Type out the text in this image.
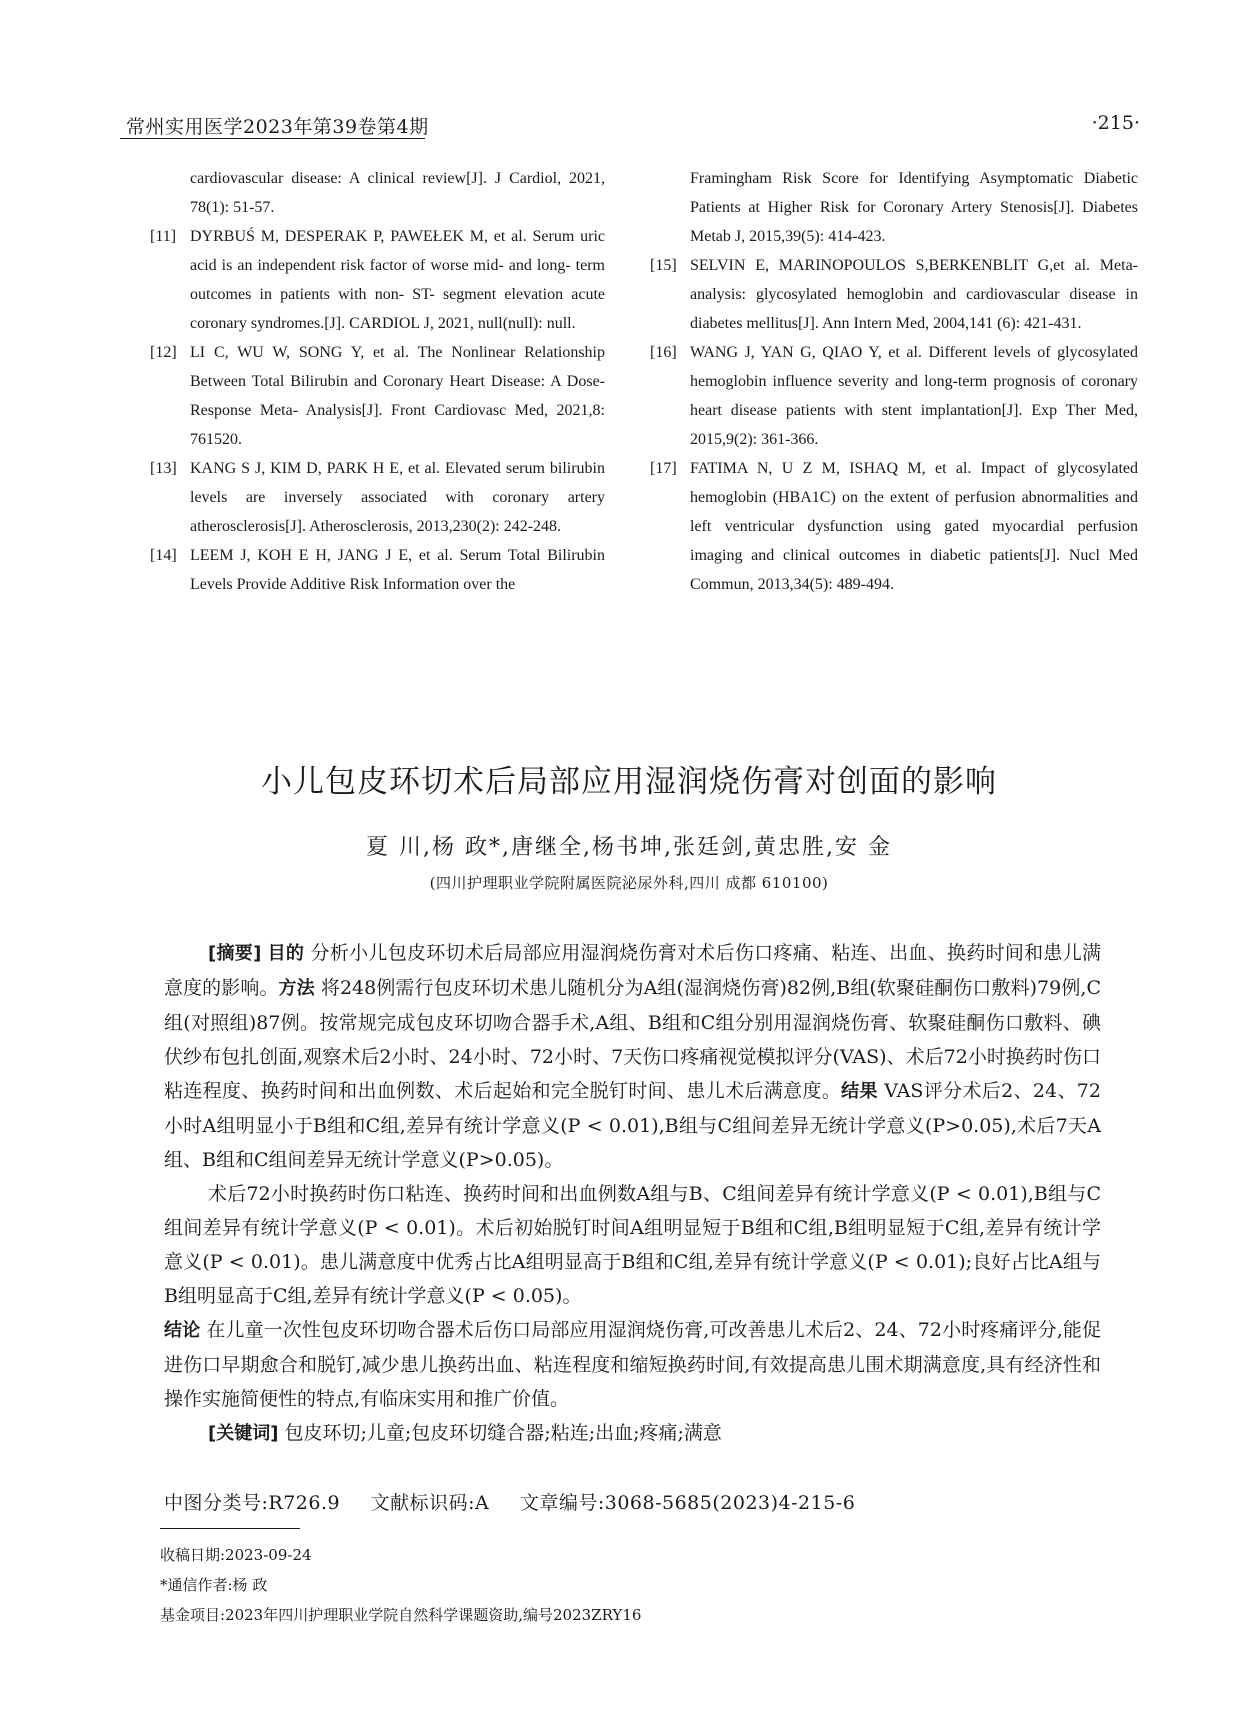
常州实用医学2023年第39卷第4期	·215·
cardiovascular disease: A clinical review[J]. J Cardiol, 2021, 78(1): 51-57.
[11] DYRBUŚ M, DESPERAK P, PAWEŁEK M, et al. Serum uric acid is an independent risk factor of worse mid- and long- term outcomes in patients with non- ST- segment elevation acute coronary syndromes.[J]. CARDIOL J, 2021, null(null): null.
[12] LI C, WU W, SONG Y, et al. The Nonlinear Relationship Between Total Bilirubin and Coronary Heart Disease: A Dose- Response Meta- Analysis[J]. Front Cardiovasc Med, 2021,8: 761520.
[13] KANG S J, KIM D, PARK H E, et al. Elevated serum bilirubin levels are inversely associated with coronary artery atherosclerosis[J]. Atherosclerosis, 2013,230(2): 242-248.
[14] LEEM J, KOH E H, JANG J E, et al. Serum Total Bilirubin Levels Provide Additive Risk Information over the
Framingham Risk Score for Identifying Asymptomatic Diabetic Patients at Higher Risk for Coronary Artery Stenosis[J]. Diabetes Metab J, 2015,39(5): 414-423.
[15] SELVIN E, MARINOPOULOS S,BERKENBLIT G,et al. Meta-analysis: glycosylated hemoglobin and cardiovascular disease in diabetes mellitus[J]. Ann Intern Med, 2004,141 (6): 421-431.
[16] WANG J, YAN G, QIAO Y, et al. Different levels of glycosylated hemoglobin influence severity and long-term prognosis of coronary heart disease patients with stent implantation[J]. Exp Ther Med, 2015,9(2): 361-366.
[17] FATIMA N, U Z M, ISHAQ M, et al. Impact of glycosylated hemoglobin (HBA1C) on the extent of perfusion abnormalities and left ventricular dysfunction using gated myocardial perfusion imaging and clinical outcomes in diabetic patients[J]. Nucl Med Commun, 2013,34(5): 489-494.
小儿包皮环切术后局部应用湿润烧伤膏对创面的影响
夏 川,杨 政*,唐继全,杨书坤,张廷剑,黄忠胜,安 金
(四川护理职业学院附属医院泌尿外科,四川 成都 610100)

[摘要] 目的 分析小儿包皮环切术后局部应用湿润烧伤膏对术后伤口疼痛、粘连、出血、换药时间和患儿满意度的影响。方法 将248例需行包皮环切术患儿随机分为A组(湿润烧伤膏)82例,B组(软聚硅酮伤口敷料)79例,C组(对照组)87例。按常规完成包皮环切吻合器手术,A组、B组和C组分别用湿润烧伤膏、软聚硅酮伤口敷料、碘伏纱布包扎创面,观察术后2小时、24小时、72小时、7天伤口疼痛视觉模拟评分(VAS)、术后72小时换药时伤口粘连程度、换药时间和出血例数、术后起始和完全脱钉时间、患儿术后满意度。结果 VAS评分术后2、24、72小时A组明显小于B组和C组,差异有统计学意义(P < 0.01),B组与C组间差异无统计学意义(P>0.05),术后7天A组、B组和C组间差异无统计学意义(P>0.05)。

术后72小时换药时伤口粘连、换药时间和出血例数A组与B、C组间差异有统计学意义(P < 0.01),B组与C组间差异有统计学意义(P < 0.01)。术后初始脱钉时间A组明显短于B组和C组,B组明显短于C组,差异有统计学意义(P < 0.01)。患儿满意度中优秀占比A组明显高于B组和C组,差异有统计学意义(P < 0.01);良好占比A组与B组明显高于C组,差异有统计学意义(P < 0.05)。

结论 在儿童一次性包皮环切吻合器术后伤口局部应用湿润烧伤膏,可改善患儿术后2、24、72小时疼痛评分,能促进伤口早期愈合和脱钉,减少患儿换药出血、粘连程度和缩短换药时间,有效提高患儿围术期满意度,具有经济性和操作实施简便性的特点,有临床实用和推广价值。

[关键词] 包皮环切;儿童;包皮环切缝合器;粘连;出血;疼痛;满意

中图分类号:R726.9 文献标识码:A 文章编号:3068-5685(2023)4-215-6
收稿日期:2023-09-24
*通信作者:杨 政
基金项目:2023年四川护理职业学院自然科学课题资助,编号2023ZRY16
